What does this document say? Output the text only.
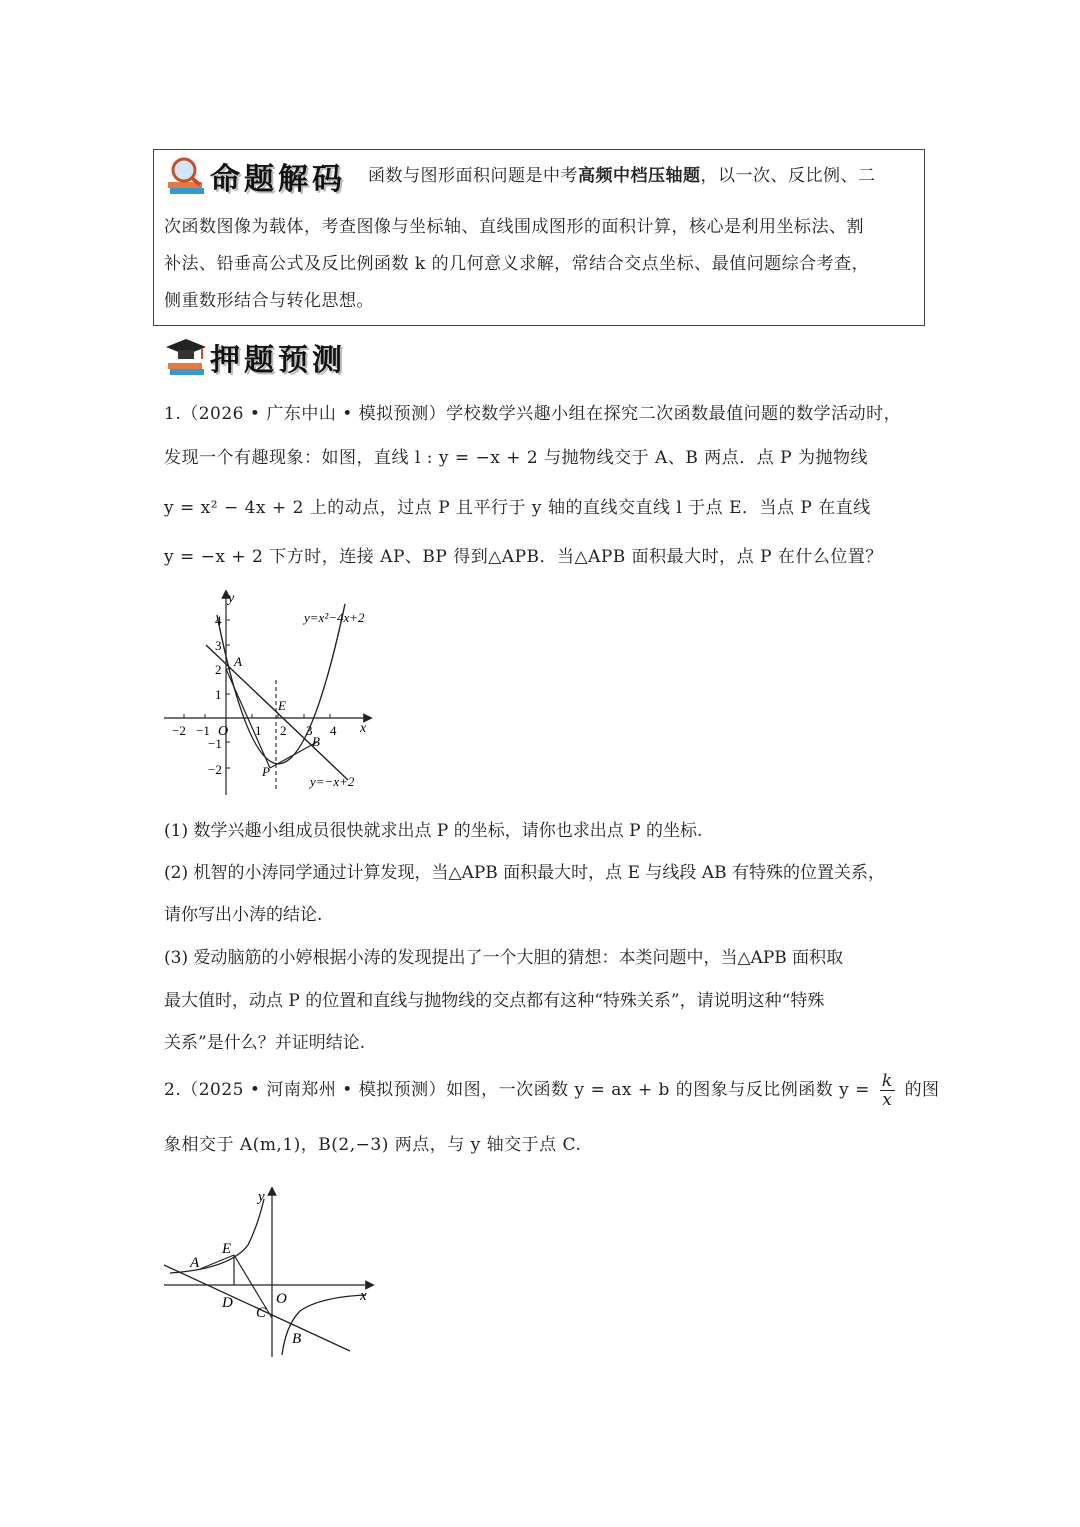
命题解码 函数与图形面积问题是中考高频中档压轴题，以一次、反比例、二
次函数图像为载体，考查图像与坐标轴、直线围成图形的面积计算，核心是利用坐标法、割
补法、铅垂高公式及反比例函数 k 的几何意义求解，常结合交点坐标、最值问题综合考查，
侧重数形结合与转化思想。
押题预测
1.（2026 • 广东中山 • 模拟预测）学校数学兴趣小组在探究二次函数最值问题的数学活动时，
发现一个有趣现象：如图，直线 l : y = −x + 2 与抛物线交于 A、B 两点．点 P 为抛物线
y = x² − 4x + 2 上的动点，过点 P 且平行于 y 轴的直线交直线 l 于点 E．当点 P 在直线
y = −x + 2 下方时，连接 AP、BP 得到△APB．当△APB 面积最大时，点 P 在什么位置？
y=x²−4x+2
y=−x+2
x
y
O
A
E
B
P
−2 −1	1 2 3 4
4
3
2
1
−1
−2
(1) 数学兴趣小组成员很快就求出点 P 的坐标，请你也求出点 P 的坐标.
(2) 机智的小涛同学通过计算发现，当△APB 面积最大时，点 E 与线段 AB 有特殊的位置关系，
请你写出小涛的结论.
(3) 爱动脑筋的小婷根据小涛的发现提出了一个大胆的猜想：本类问题中，当△APB 面积取
最大值时，动点 P 的位置和直线与抛物线的交点都有这种“特殊关系”，请说明这种“特殊
关系”是什么？并证明结论.
2.（2025 • 河南郑州 • 模拟预测）如图，一次函数 y = ax + b 的图象与反比例函数 $y = \frac{k}{x}$ 的图
象相交于 A(m,1)，B(2,−3) 两点，与 y 轴交于点 C.
x
y
O
A
E
D
C
B
